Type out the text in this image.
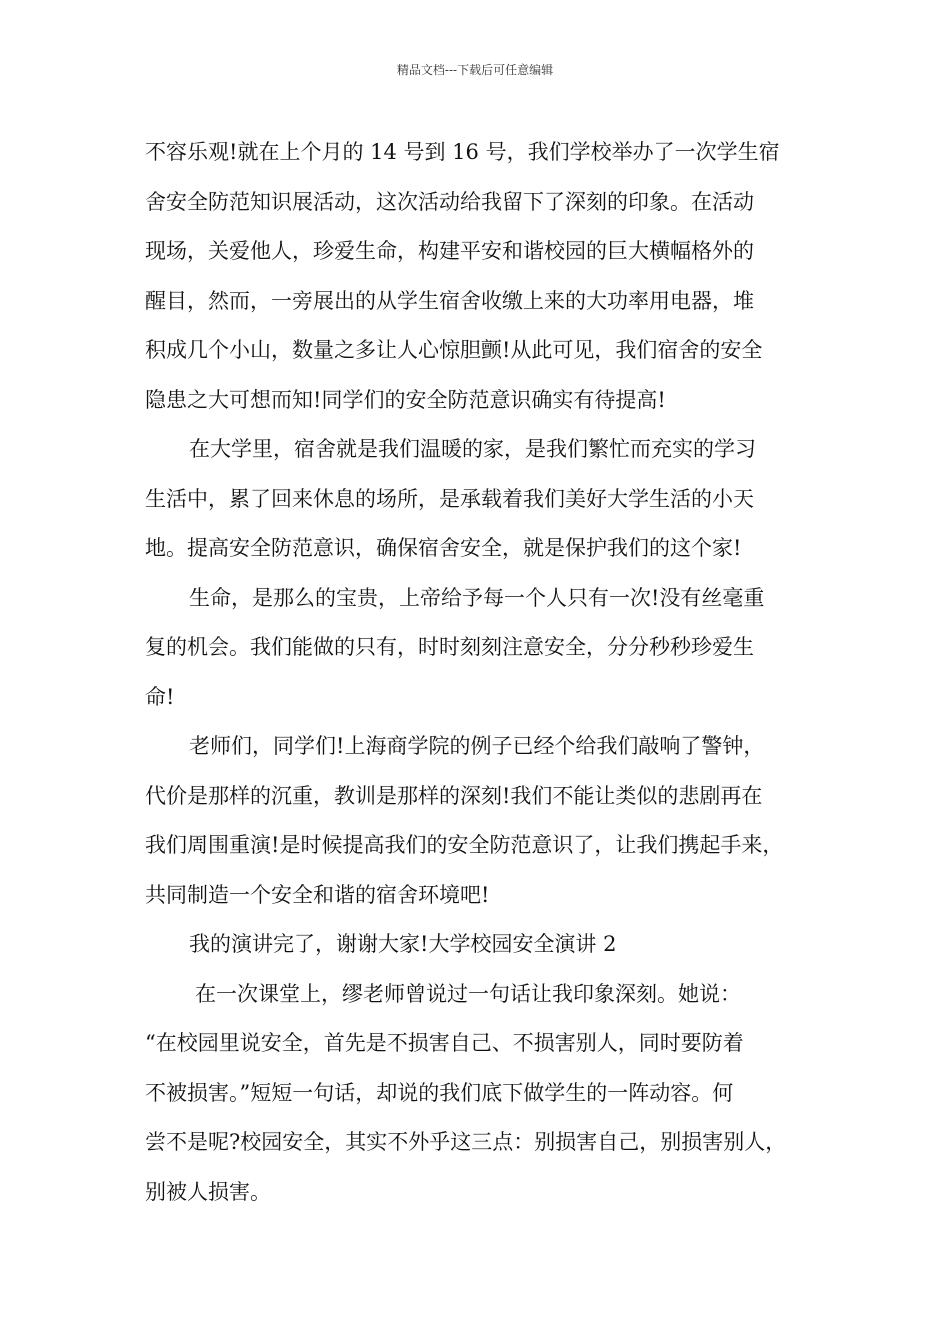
精品文档---下载后可任意编辑
不容乐观!就在上个月的 14 号到 16 号，我们学校举办了一次学生宿
舍安全防范知识展活动，这次活动给我留下了深刻的印象。在活动
现场，关爱他人，珍爱生命，构建平安和谐校园的巨大横幅格外的
醒目，然而，一旁展出的从学生宿舍收缴上来的大功率用电器，堆
积成几个小山，数量之多让人心惊胆颤!从此可见，我们宿舍的安全
隐患之大可想而知!同学们的安全防范意识确实有待提高!
在大学里，宿舍就是我们温暖的家，是我们繁忙而充实的学习
生活中，累了回来休息的场所，是承载着我们美好大学生活的小天
地。提高安全防范意识，确保宿舍安全，就是保护我们的这个家!
生命，是那么的宝贵，上帝给予每一个人只有一次!没有丝毫重
复的机会。我们能做的只有，时时刻刻注意安全，分分秒秒珍爱生
命!
老师们，同学们!上海商学院的例子已经个给我们敲响了警钟，
代价是那样的沉重，教训是那样的深刻!我们不能让类似的悲剧再在
我们周围重演!是时候提高我们的安全防范意识了，让我们携起手来，
共同制造一个安全和谐的宿舍环境吧!
我的演讲完了，谢谢大家!大学校园安全演讲 2
在一次课堂上，缪老师曾说过一句话让我印象深刻。她说：
“在校园里说安全，首先是不损害自己、不损害别人，同时要防着
不被损害。”短短一句话，却说的我们底下做学生的一阵动容。何
尝不是呢?校园安全，其实不外乎这三点：别损害自己，别损害别人，
别被人损害。
